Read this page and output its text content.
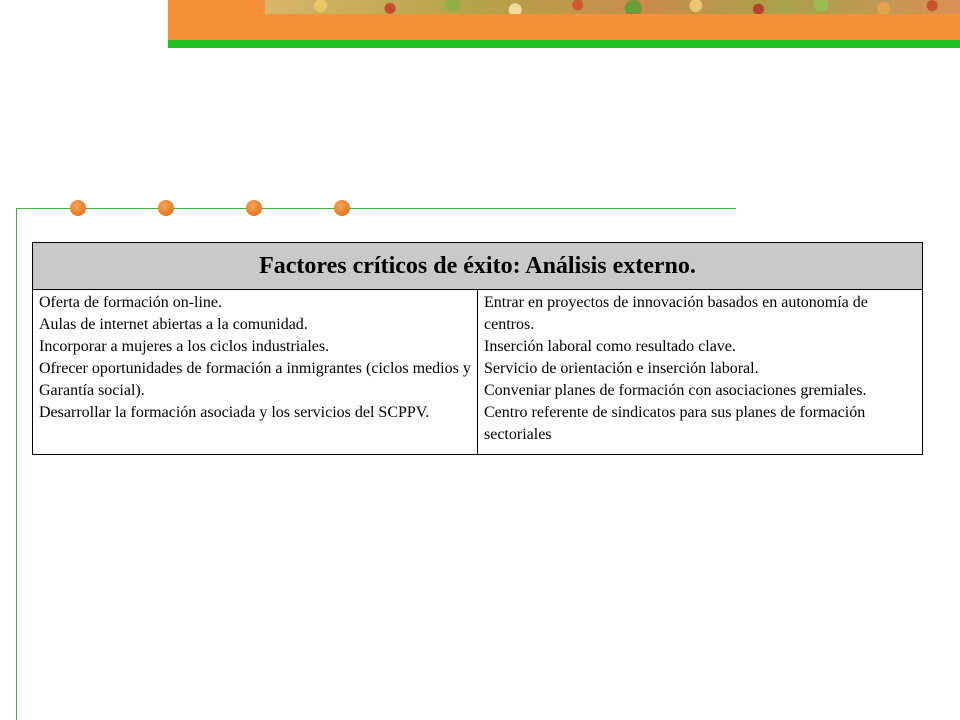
Factores críticos de éxito: Análisis externo.

Oferta de formación on-line.
Aulas de internet abiertas a la comunidad.
Incorporar a mujeres a los ciclos industriales.
Ofrecer oportunidades de formación a inmigrantes (ciclos medios y Garantía social).
Desarrollar la formación asociada y los servicios del SCPPV.

Entrar en proyectos de innovación basados en autonomía de centros.
Inserción laboral como resultado clave.
Servicio de orientación e inserción laboral.
Conveniar planes de formación con asociaciones gremiales.
Centro referente de sindicatos para sus planes de formación sectoriales
